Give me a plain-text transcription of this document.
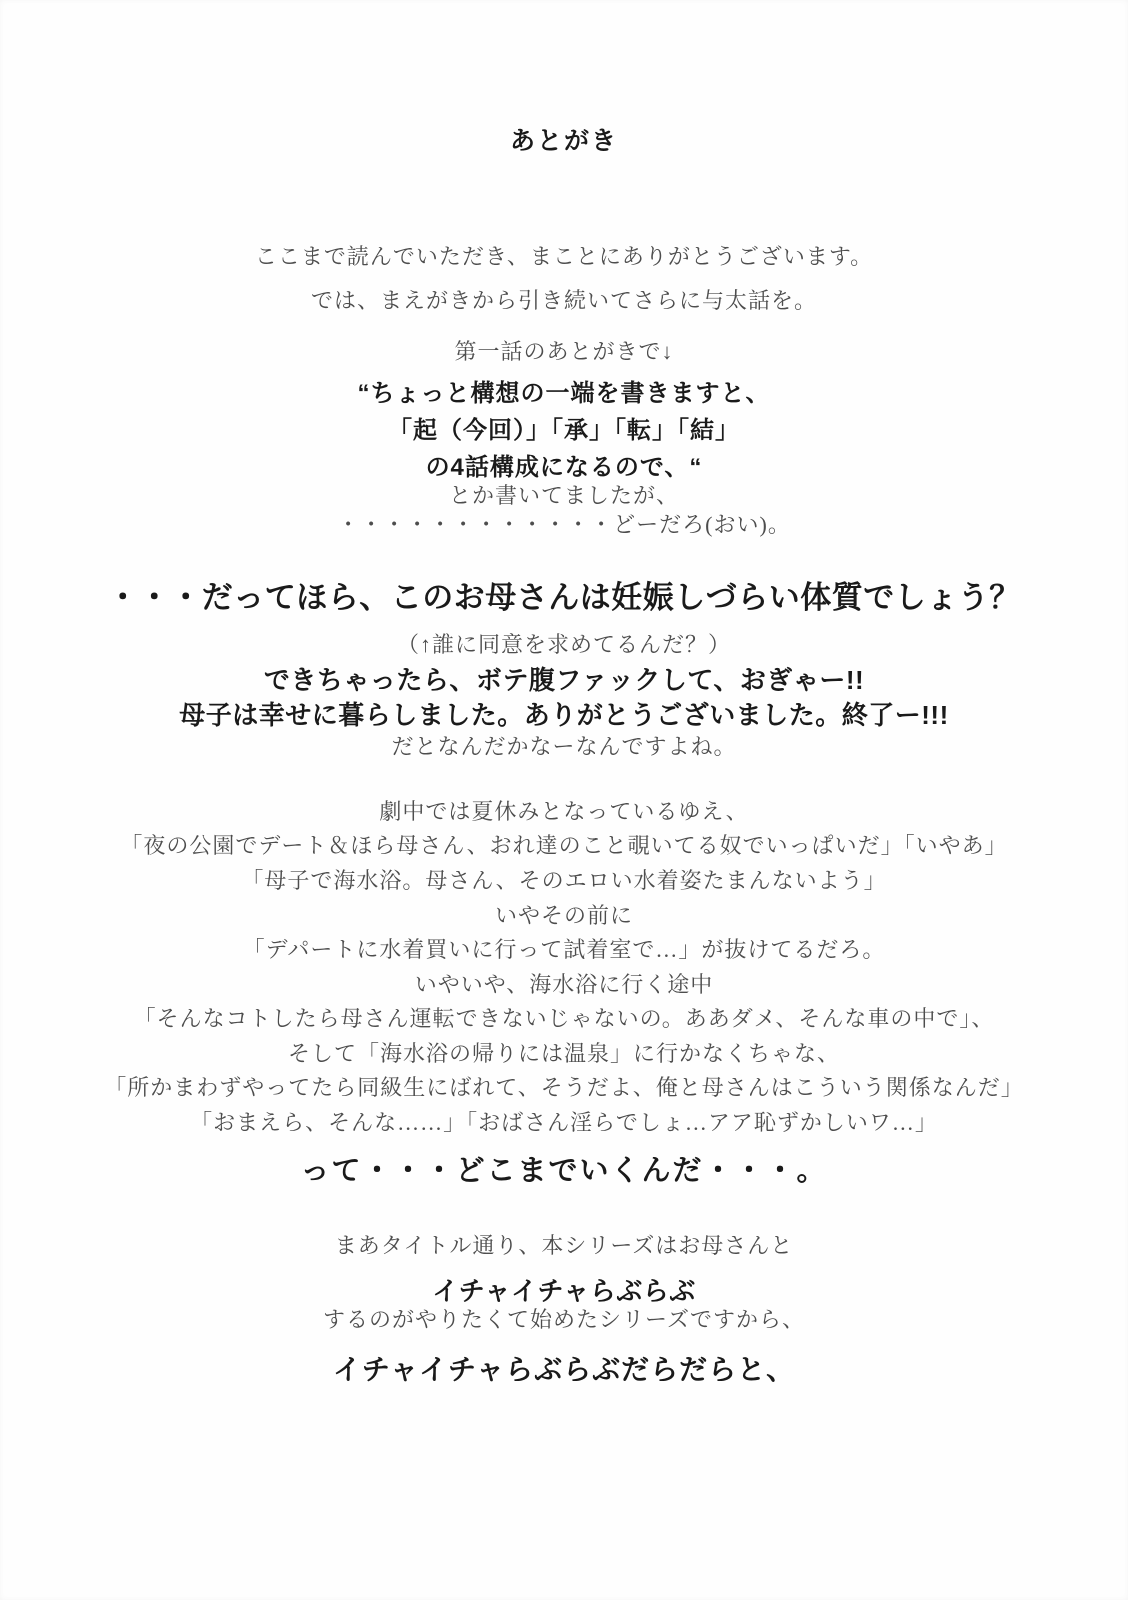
あとがき
ここまで読んでいただき、まことにありがとうございます。
では、まえがきから引き続いてさらに与太話を。
第一話のあとがきで↓
“ちょっと構想の一端を書きますと、
「起（今回）」「承」「転」「結」
の4話構成になるので、“
とか書いてましたが、
・・・・・・・・・・・・どーだろ(おい)。
・・・だってほら、このお母さんは妊娠しづらい体質でしょう？
（↑誰に同意を求めてるんだ？）
できちゃったら、ボテ腹ファックして、おぎゃー!!
母子は幸せに暮らしました。ありがとうございました。終了ー!!!
だとなんだかなーなんですよね。
劇中では夏休みとなっているゆえ、
「夜の公園でデート＆ほら母さん、おれ達のこと覗いてる奴でいっぱいだ」「いやあ」
「母子で海水浴。母さん、そのエロい水着姿たまんないよう」
いやその前に
「デパートに水着買いに行って試着室で…」が抜けてるだろ。
いやいや、海水浴に行く途中
「そんなコトしたら母さん運転できないじゃないの。ああダメ、そんな車の中で」、
そして「海水浴の帰りには温泉」に行かなくちゃな、
「所かまわずやってたら同級生にばれて、そうだよ、俺と母さんはこういう関係なんだ」
「おまえら、そんな……」「おばさん淫らでしょ…アア恥ずかしいワ…」
って・・・どこまでいくんだ・・・。
まあタイトル通り、本シリーズはお母さんと
イチャイチャらぶらぶ
するのがやりたくて始めたシリーズですから、
イチャイチャらぶらぶだらだらと、
